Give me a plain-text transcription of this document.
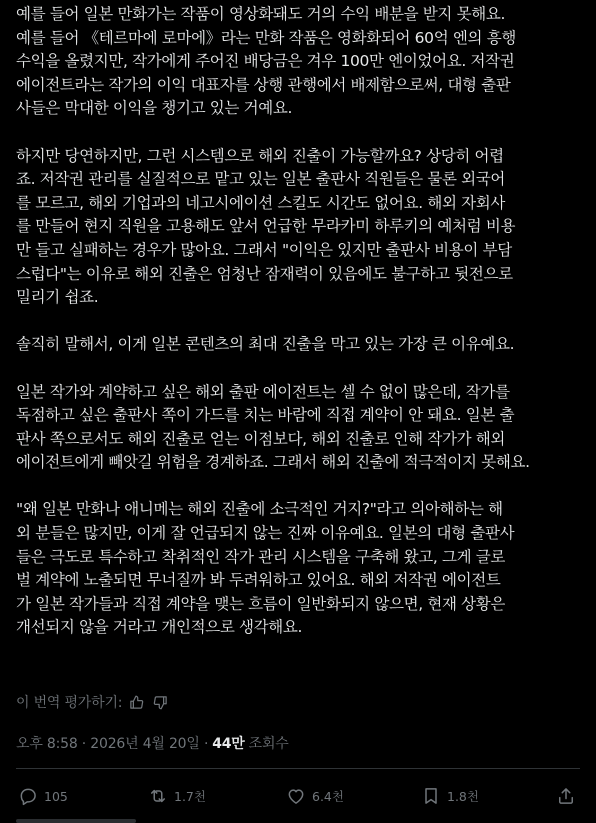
예를 들어 일본 만화가는 작품이 영상화돼도 거의 수익 배분을 받지 못해요.
예를 들어 《테르마에 로마에》라는 만화 작품은 영화화되어 60억 엔의 흥행
수익을 올렸지만, 작가에게 주어진 배당금은 겨우 100만 엔이었어요. 저작권
에이전트라는 작가의 이익 대표자를 상행 관행에서 배제함으로써, 대형 출판
사들은 막대한 이익을 챙기고 있는 거예요.
하지만 당연하지만, 그런 시스템으로 해외 진출이 가능할까요? 상당히 어렵
죠. 저작권 관리를 실질적으로 맡고 있는 일본 출판사 직원들은 물론 외국어
를 모르고, 해외 기업과의 네고시에이션 스킬도 시간도 없어요. 해외 자회사
를 만들어 현지 직원을 고용해도 앞서 언급한 무라카미 하루키의 예처럼 비용
만 들고 실패하는 경우가 많아요. 그래서 "이익은 있지만 출판사 비용이 부담
스럽다"는 이유로 해외 진출은 엄청난 잠재력이 있음에도 불구하고 뒷전으로
밀리기 쉽죠.
솔직히 말해서, 이게 일본 콘텐츠의 최대 진출을 막고 있는 가장 큰 이유예요.
일본 작가와 계약하고 싶은 해외 출판 에이전트는 셀 수 없이 많은데, 작가를
독점하고 싶은 출판사 쪽이 가드를 치는 바람에 직접 계약이 안 돼요. 일본 출
판사 쪽으로서도 해외 진출로 얻는 이점보다, 해외 진출로 인해 작가가 해외
에이전트에게 빼앗길 위험을 경계하죠. 그래서 해외 진출에 적극적이지 못해요.
"왜 일본 만화나 애니메는 해외 진출에 소극적인 거지?"라고 의아해하는 해
외 분들은 많지만, 이게 잘 언급되지 않는 진짜 이유예요. 일본의 대형 출판사
들은 극도로 특수하고 착취적인 작가 관리 시스템을 구축해 왔고, 그게 글로
벌 계약에 노출되면 무너질까 봐 두려워하고 있어요. 해외 저작권 에이전트
가 일본 작가들과 직접 계약을 맺는 흐름이 일반화되지 않으면, 현재 상황은
개선되지 않을 거라고 개인적으로 생각해요.
이 번역 평가하기:
오후 8:58 · 2026년 4월 20일 · 44만 조회수
105	1.7천	6.4천	1.8천
